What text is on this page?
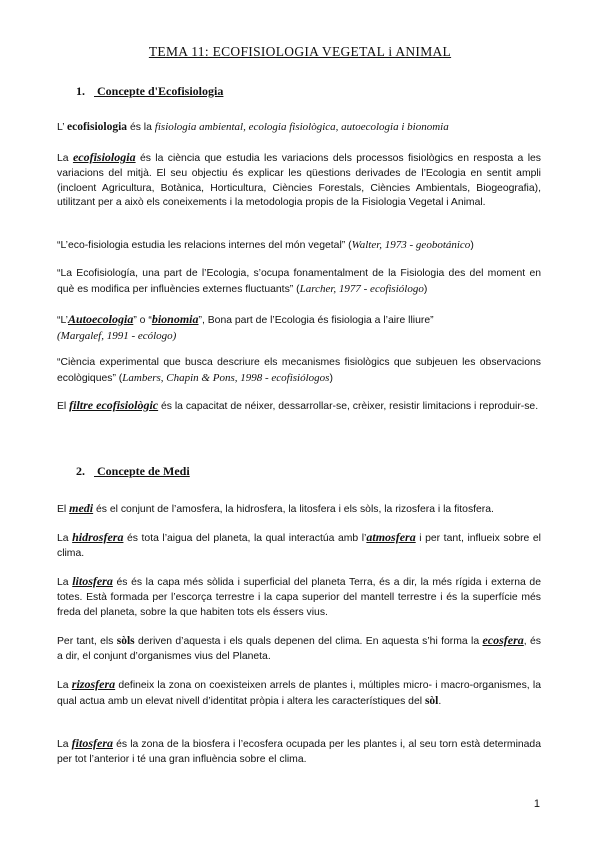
TEMA 11: ECOFISIOLOGIA VEGETAL i ANIMAL
1. Concepte d'Ecofisiologia
L’ ecofisiologia és la fisiologia ambiental, ecologia fisiològica, autoecologia i bionomia
La ecofisiologia és la ciència que estudia les variacions dels processos fisiològics en resposta a les variacions del mitjà. El seu objectiu és explicar les qüestions derivades de l’Ecologia en sentit ampli (incloent Agricultura, Botànica, Horticultura, Ciències Forestals, Ciències Ambientals, Biogeografia), utilitzant per a això els coneixements i la metodologia propis de la Fisiologia Vegetal i Animal.
“L’eco-fisiologia estudia les relacions internes del món vegetal” (Walter, 1973 - geobotánico)
“La Ecofisiología, una part de l’Ecologia, s’ocupa fonamentalment de la Fisiologia des del moment en què es modifica per influències externes fluctuants” (Larcher, 1977 - ecofisiólogo)
“L’Autoecologia” o “bionomia”, Bona part de l’Ecologia és fisiologia a l’aire lliure”
(Margalef, 1991 - ecólogo)
“Ciència experimental que busca descriure els mecanismes fisiològics que subjeuen les observacions ecològiques” (Lambers, Chapin & Pons, 1998 - ecofisiólogos)
El filtre ecofisiològic és la capacitat de néixer, dessarrollar-se, crèixer, resistir limitacions i reproduir-se.
2. Concepte de Medi
El medi és el conjunt de l’amosfera, la hidrosfera, la litosfera i els sòls, la rizosfera i la fitosfera.
La hidrosfera és tota l’aigua del planeta, la qual interactúa amb l’atmosfera i per tant, influeix sobre el clima.
La litosfera és és la capa més sòlida i superficial del planeta Terra, és a dir, la més rígida i externa de totes. Està formada per l’escorça terrestre i la capa superior del mantell terrestre i és la superfície més freda del planeta, sobre la que habiten tots els éssers vius.
Per tant, els sòls deriven d’aquesta i els quals depenen del clima. En aquesta s’hi forma la ecosfera, és a dir, el conjunt d’organismes vius del Planeta.
La rizosfera defineix la zona on coexisteixen arrels de plantes i, múltiples micro- i macro-organismes, la qual actua amb un elevat nivell d’identitat pròpia i altera les característiques del sòl.
La fitosfera és la zona de la biosfera i l’ecosfera ocupada per les plantes i, al seu torn està determinada per tot l’anterior i té una gran influència sobre el clima.
1
